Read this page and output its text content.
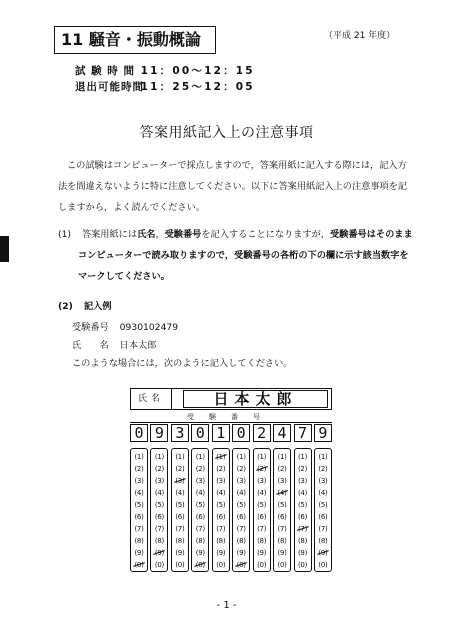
11 騒音・振動概論	（平成 21 年度）
試 験 時 間 11：00〜12：15
退出可能時間 11：25〜12：05
答案用紙記入上の注意事項
この試験はコンピューターで採点しますので，答案用紙に記入する際には，記入方
法を間違えないように特に注意してください。以下に答案用紙記入上の注意事項を記
しますから，よく読んでください。
(1) 答案用紙には氏名，受験番号を記入することになりますが，受験番号はそのまま
コンピューターで読み取りますので，受験番号の各桁の下の欄に示す該当数字を
マークしてください。
(2) 記入例
受験番号 0930102479
氏　　名 日本太郎
このような場合には，次のように記入してください。
氏名	日本太郎
受験番号
0 9 3 0 1 0 2 4 7 9
(1)
(2)
(3)
(4)
(5)
(6)
(7)
(8)
(9)
(0)
(1)
(2)
(3)
(4)
(5)
(6)
(7)
(8)
(9)
(0)
(1)
(2)
(3)
(4)
(5)
(6)
(7)
(8)
(9)
(0)
(1)
(2)
(3)
(4)
(5)
(6)
(7)
(8)
(9)
(0)
(1)
(2)
(3)
(4)
(5)
(6)
(7)
(8)
(9)
(0)
(1)
(2)
(3)
(4)
(5)
(6)
(7)
(8)
(9)
(0)
(1)
(2)
(3)
(4)
(5)
(6)
(7)
(8)
(9)
(0)
(1)
(2)
(3)
(4)
(5)
(6)
(7)
(8)
(9)
(0)
(1)
(2)
(3)
(4)
(5)
(6)
(7)
(8)
(9)
(0)
(1)
(2)
(3)
(4)
(5)
(6)
(7)
(8)
(9)
(0)
- 1 -
